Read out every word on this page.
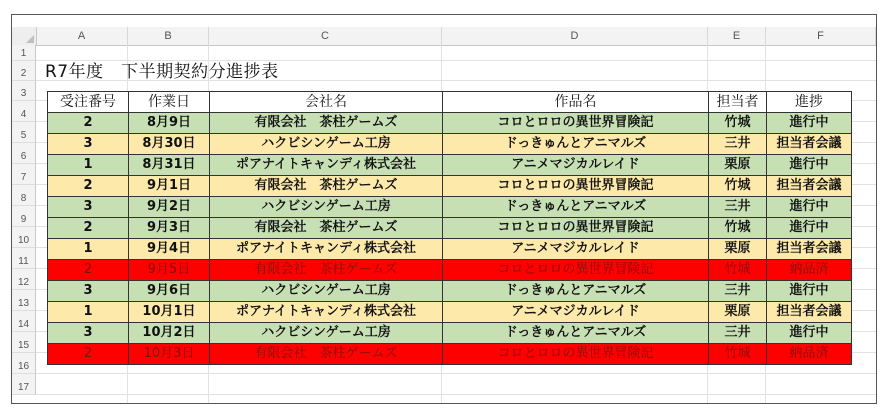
A	B	C	D	E	F
1
2
3
4
5
6
7
8
9
10
11
12
13
14
15
16
17
R7年度　下半期契約分進捗表
受注番号	作業日	会社名	作品名	担当者	進捗
2	8月9日	有限会社　茶柱ゲームズ	コロとロロの異世界冒険記	竹城	進行中
3	8月30日	ハクビシンゲーム工房	ドっきゅんとアニマルズ	三井	担当者会議
1	8月31日	ポアナイトキャンディ株式会社	アニメマジカルレイド	栗原	進行中
2	9月1日	有限会社　茶柱ゲームズ	コロとロロの異世界冒険記	竹城	担当者会議
3	9月2日	ハクビシンゲーム工房	ドっきゅんとアニマルズ	三井	進行中
2	9月3日	有限会社　茶柱ゲームズ	コロとロロの異世界冒険記	竹城	進行中
1	9月4日	ポアナイトキャンディ株式会社	アニメマジカルレイド	栗原	担当者会議
2	9月5日	有限会社　茶柱ゲームズ	コロとロロの異世界冒険記	竹城	納品済
3	9月6日	ハクビシンゲーム工房	ドっきゅんとアニマルズ	三井	進行中
1	10月1日	ポアナイトキャンディ株式会社	アニメマジカルレイド	栗原	担当者会議
3	10月2日	ハクビシンゲーム工房	ドっきゅんとアニマルズ	三井	進行中
2	10月3日	有限会社　茶柱ゲームズ	コロとロロの異世界冒険記	竹城	納品済
